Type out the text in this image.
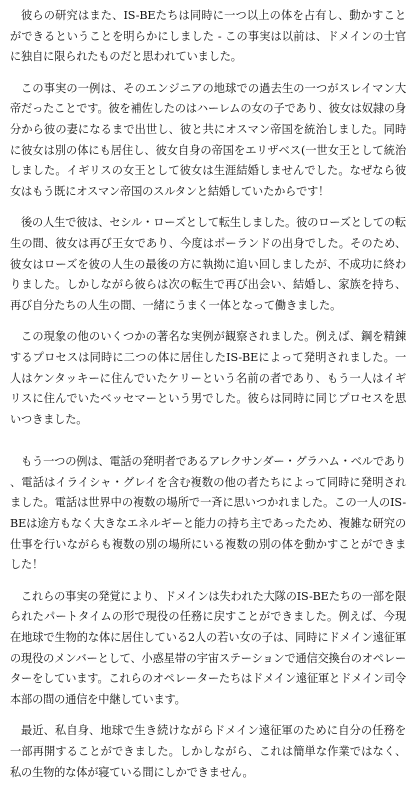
彼らの研究はまた、IS-BEたちは同時に一つ以上の体を占有し、動かすことができるということを明らかにしました - この事実は以前は、ドメインの士官に独自に限られたものだと思われていました。

この事実の一例は、そのエンジニアの地球での過去生の一つがスレイマン大帝だったことです。彼を補佐したのはハーレムの女の子であり、彼女は奴隷の身分から彼の妻になるまで出世し、彼と共にオスマン帝国を統治しました。同時に彼女は別の体にも居住し、彼女自身の帝国をエリザベス(一世女王として統治しました。イギリスの女王として彼女は生涯結婚しませんでした。なぜなら彼女はもう既にオスマン帝国のスルタンと結婚していたからです！

後の人生で彼は、セシル・ローズとして転生しました。彼のローズとしての転生の間、彼女は再び王女であり、今度はポーランドの出身でした。そのため、彼女はローズを彼の人生の最後の方に執拗に追い回しましたが、不成功に終わりました。しかしながら彼らは次の転生で再び出会い、結婚し、家族を持ち、再び自分たちの人生の間、一緒にうまく一体となって働きました。

この現象の他のいくつかの著名な実例が観察されました。例えば、鋼を精錬するプロセスは同時に二つの体に居住したIS-BEによって発明されました。一人はケンタッキーに住んでいたケリーという名前の者であり、もう一人はイギリスに住んでいたベッセマーという男でした。彼らは同時に同じプロセスを思いつきました。

もう一つの例は、電話の発明者であるアレクサンダー・グラハム・ベルであり、電話はイライシャ・グレイを含む複数の他の者たちによって同時に発明されました。電話は世界中の複数の場所で一斉に思いつかれました。この一人のIS-BEは途方もなく大きなエネルギーと能力の持ち主であったため、複雑な研究の仕事を行いながらも複数の別の場所にいる複数の別の体を動かすことができました！

これらの事実の発覚により、ドメインは失われた大隊のIS-BEたちの一部を限られたパートタイムの形で現役の任務に戻すことができました。例えば、今現在地球で生物的な体に居住している2人の若い女の子は、同時にドメイン遠征軍の現役のメンバーとして、小惑星帯の宇宙ステーションで通信交換台のオペレーターをしています。これらのオペレーターたちはドメイン遠征軍とドメイン司令本部の間の通信を中継しています。

最近、私自身、地球で生き続けながらドメイン遠征軍のために自分の任務を一部再開することができました。しかしながら、これは簡単な作業ではなく、私の生物的な体が寝ている間にしかできません。
